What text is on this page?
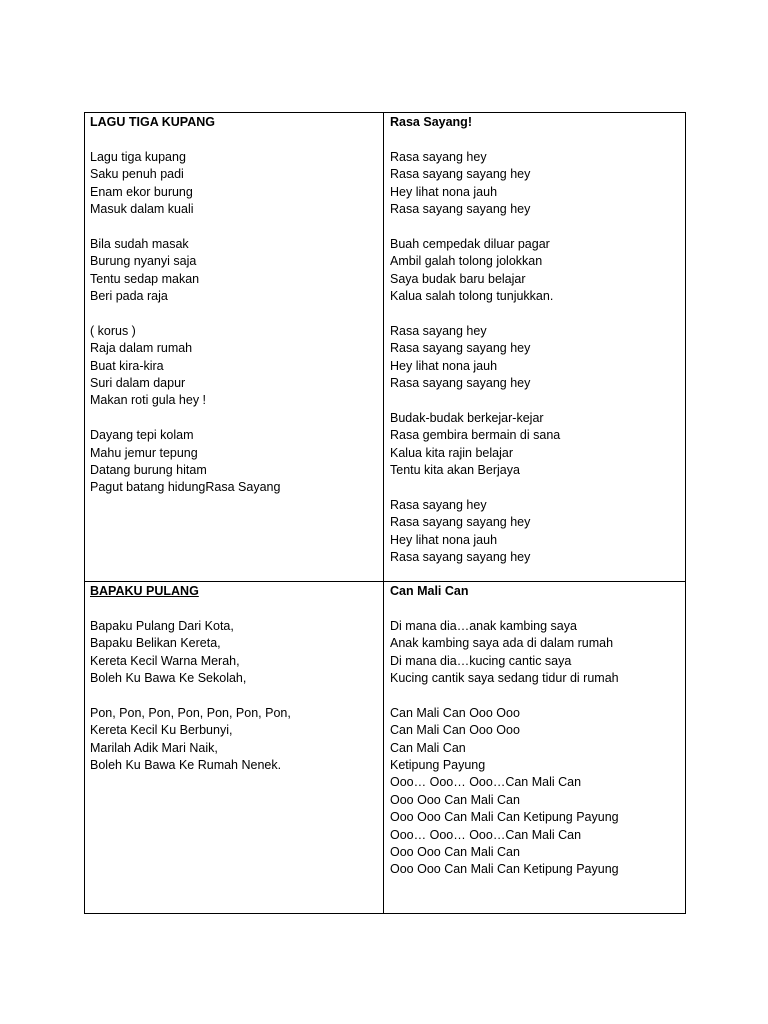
LAGU TIGA KUPANG
Lagu tiga kupang
Saku penuh padi
Enam ekor burung
Masuk dalam kuali
Bila sudah masak
Burung nyanyi saja
Tentu sedap makan
Beri pada raja
( korus )
Raja dalam rumah
Buat kira-kira
Suri dalam dapur
Makan roti gula hey !
Dayang tepi kolam
Mahu jemur tepung
Datang burung hitam
Pagut batang hidungRasa Sayang
Rasa Sayang!
Rasa sayang hey
Rasa sayang sayang hey
Hey lihat nona jauh
Rasa sayang sayang hey
Buah cempedak diluar pagar
Ambil galah tolong jolokkan
Saya budak baru belajar
Kalua salah tolong tunjukkan.
Rasa sayang hey
Rasa sayang sayang hey
Hey lihat nona jauh
Rasa sayang sayang hey
Budak-budak berkejar-kejar
Rasa gembira bermain di sana
Kalua kita rajin belajar
Tentu kita akan Berjaya
Rasa sayang hey
Rasa sayang sayang hey
Hey lihat nona jauh
Rasa sayang sayang hey
BAPAKU PULANG
Bapaku Pulang Dari Kota,
Bapaku Belikan Kereta,
Kereta Kecil Warna Merah,
Boleh Ku Bawa Ke Sekolah,
Pon, Pon, Pon, Pon, Pon, Pon, Pon,
Kereta Kecil Ku Berbunyi,
Marilah Adik Mari Naik,
Boleh Ku Bawa Ke Rumah Nenek.
Can Mali Can
Di mana dia…anak kambing saya
Anak kambing saya ada di dalam rumah
Di mana dia…kucing cantic saya
Kucing cantik saya sedang tidur di rumah
Can Mali Can Ooo Ooo
Can Mali Can Ooo Ooo
Can Mali Can
Ketipung Payung
Ooo… Ooo… Ooo…Can Mali Can
Ooo Ooo Can Mali Can
Ooo Ooo Can Mali Can Ketipung Payung
Ooo… Ooo… Ooo…Can Mali Can
Ooo Ooo Can Mali Can
Ooo Ooo Can Mali Can Ketipung Payung
